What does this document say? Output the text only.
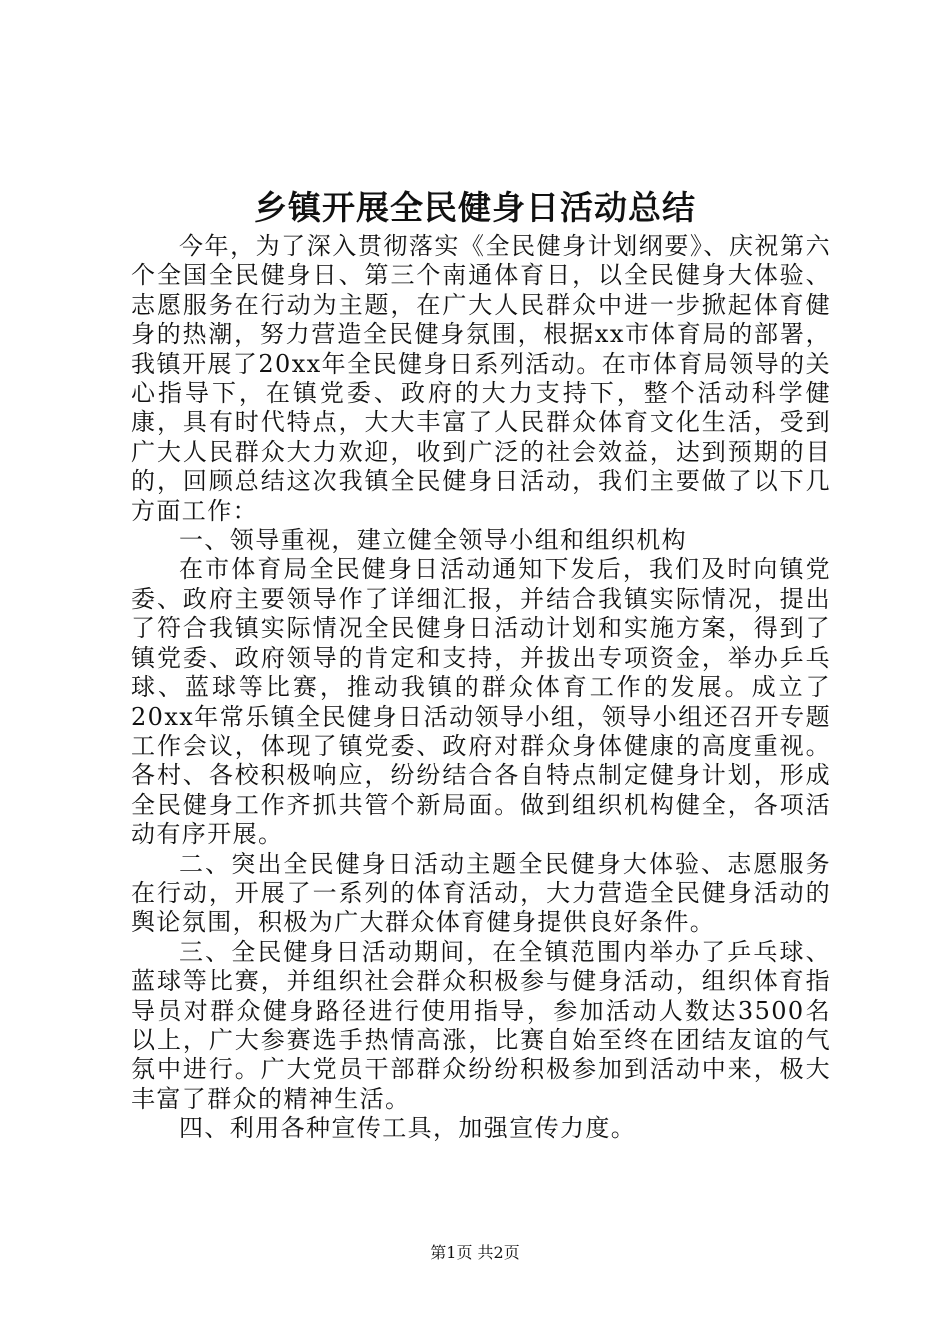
乡镇开展全民健身日活动总结

今年，为了深入贯彻落实《全民健身计划纲要》、庆祝第六个全国全民健身日、第三个南通体育日，以全民健身大体验、志愿服务在行动为主题，在广大人民群众中进一步掀起体育健身的热潮，努力营造全民健身氛围，根据xx市体育局的部署，我镇开展了20xx年全民健身日系列活动。在市体育局领导的关心指导下，在镇党委、政府的大力支持下，整个活动科学健康，具有时代特点，大大丰富了人民群众体育文化生活，受到广大人民群众大力欢迎，收到广泛的社会效益，达到预期的目的，回顾总结这次我镇全民健身日活动，我们主要做了以下几方面工作：

一、领导重视，建立健全领导小组和组织机构

在市体育局全民健身日活动通知下发后，我们及时向镇党委、政府主要领导作了详细汇报，并结合我镇实际情况，提出了符合我镇实际情况全民健身日活动计划和实施方案，得到了镇党委、政府领导的肯定和支持，并拔出专项资金，举办乒乓球、蓝球等比赛，推动我镇的群众体育工作的发展。成立了20xx年常乐镇全民健身日活动领导小组，领导小组还召开专题工作会议，体现了镇党委、政府对群众身体健康的高度重视。各村、各校积极响应，纷纷结合各自特点制定健身计划，形成全民健身工作齐抓共管个新局面。做到组织机构健全，各项活动有序开展。

二、突出全民健身日活动主题全民健身大体验、志愿服务在行动，开展了一系列的体育活动，大力营造全民健身活动的舆论氛围，积极为广大群众体育健身提供良好条件。

三、全民健身日活动期间，在全镇范围内举办了乒乓球、蓝球等比赛，并组织社会群众积极参与健身活动，组织体育指导员对群众健身路径进行使用指导，参加活动人数达3500名以上，广大参赛选手热情高涨，比赛自始至终在团结友谊的气氛中进行。广大党员干部群众纷纷积极参加到活动中来，极大丰富了群众的精神生活。

四、利用各种宣传工具，加强宣传力度。

第1页 共2页
